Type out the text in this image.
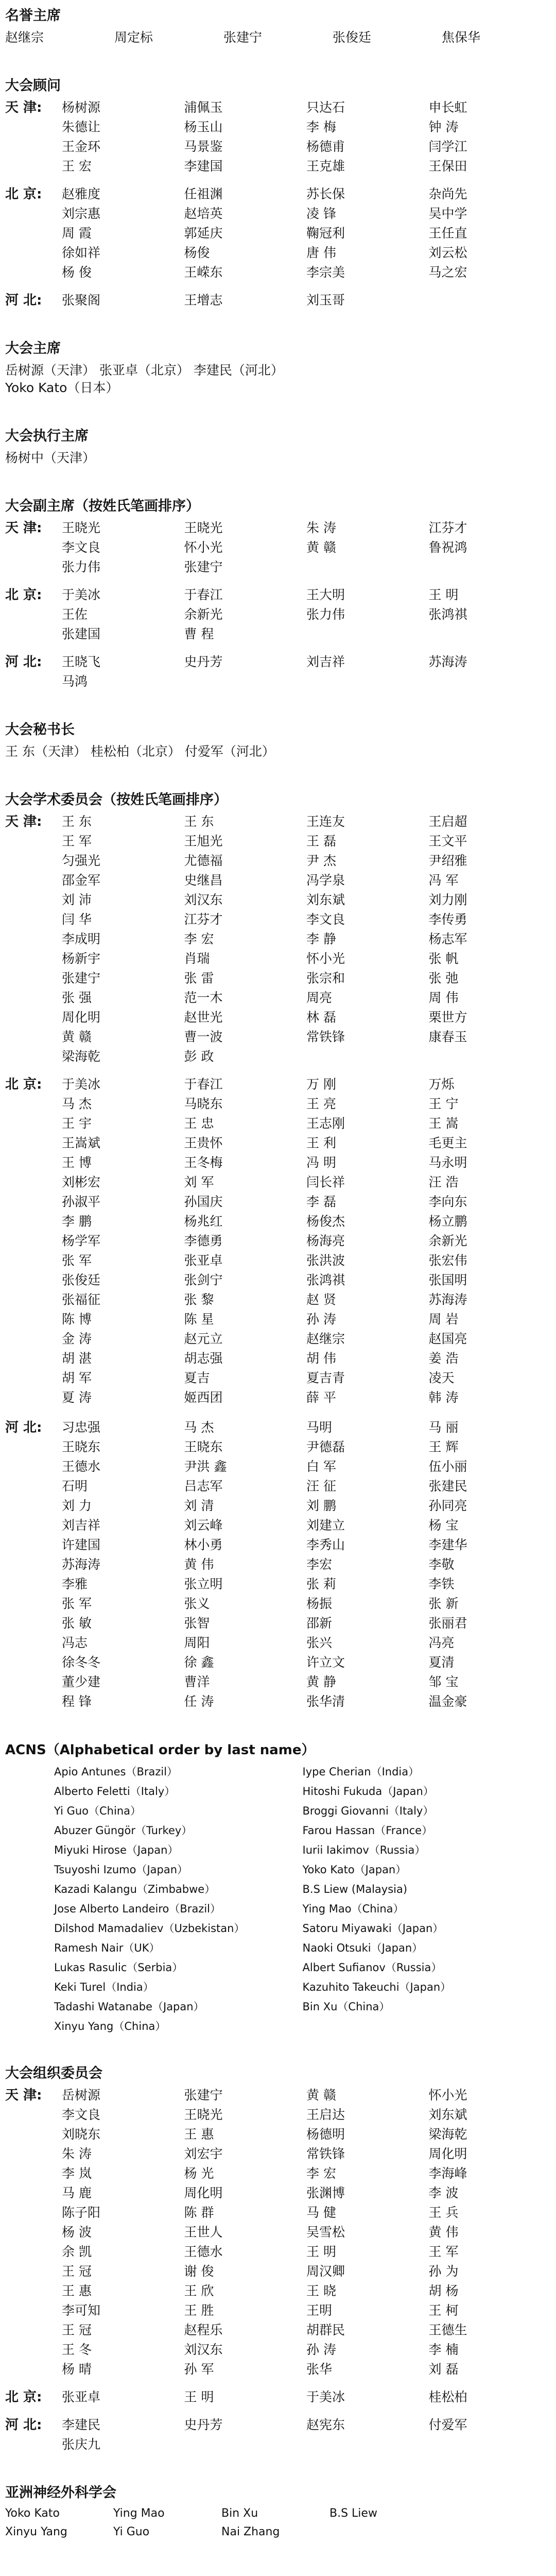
名誉主席
赵继宗	周定标	张建宁	张俊廷	焦保华
大会顾问
天 津:	杨树源	浦佩玉	只达石	申长虹
朱德让	杨玉山	李 梅	钟 涛
王金环	马景鉴	杨德甫	闫学江
王 宏	李建国	王克雄	王保田
北 京:	赵雅度	任祖渊	苏长保	杂尚先
刘宗惠	赵培英	凌 锋	吴中学
周 霞	郭延庆	鞠冠利	王任直
徐如祥	杨俊	唐 伟	刘云松
杨 俊	王嵘东	李宗美	马之宏
河 北:	张聚阁	王增志	刘玉哥
大会主席
岳树源（天津） 张亚卓（北京） 李建民（河北）
Yoko Kato（日本）
大会执行主席
杨树中（天津）
大会副主席（按姓氏笔画排序）
天 津:	王晓光	王晓光	朱 涛	江芬才
李文良	怀小光	黄 赣	鲁祝鸿
张力伟	张建宁
北 京:	于美冰	于春江	王大明	王 明
王佐	余新光	张力伟	张鸿祺
张建国	曹 程
河 北:	王晓飞	史丹芳	刘吉祥	苏海涛
马鸿
大会秘书长
王 东（天津） 桂松柏（北京） 付爱军（河北）
大会学术委员会（按姓氏笔画排序）
天 津:	王 东	王 东	王连友	王启超
王 军	王旭光	王 磊	王文平
匀强光	尤德福	尹 杰	尹绍雅
邵金军	史继昌	冯学泉	冯 军
刘 沛	刘汉东	刘东斌	刘力刚
闫 华	江芬才	李文良	李传勇
李成明	李 宏	李 静	杨志军
杨新宇	肖瑞	怀小光	张 帆
张建宁	张 雷	张宗和	张 弛
张 强	范一木	周亮	周 伟
周化明	赵世光	林 磊	栗世方
黄 赣	曹一波	常铁锋	康春玉
梁海乾	彭 政
北 京:	于美冰	于春江	万 刚	万烁
马 杰	马晓东	王 亮	王 宁
王 宇	王 忠	王志刚	王 嵩
王嵩斌	王贵怀	王 利	毛更主
王 博	王冬梅	冯 明	马永明
刘彬宏	刘 军	闫长祥	汪 浩
孙淑平	孙国庆	李 磊	李向东
李 鹏	杨兆红	杨俊杰	杨立鹏
杨学军	李德勇	杨海亮	余新光
张 军	张亚卓	张洪波	张宏伟
张俊廷	张剑宁	张鸿祺	张国明
张福征	张 黎	赵 贤	苏海涛
陈 博	陈 星	孙 涛	周 岩
金 涛	赵元立	赵继宗	赵国亮
胡 湛	胡志强	胡 伟	姜 浩
胡 军	夏吉	夏吉青	凌天
夏 涛	姬西团	薛 平	韩 涛
河 北:	习忠强	马 杰	马明	马 丽
王晓东	王晓东	尹德磊	王 辉
王德水	尹洪 鑫	白 军	伍小丽
石明	吕志军	汪 征	张建民
刘 力	刘 清	刘 鹏	孙同亮
刘吉祥	刘云峰	刘建立	杨 宝
许建国	林小勇	李秀山	李建华
苏海涛	黄 伟	李宏	李敬
李雅	张立明	张 莉	李铁
张 军	张义	杨振	张 新
张 敏	张智	邵新	张丽君
冯志	周阳	张兴	冯亮
徐冬冬	徐 鑫	许立文	夏清
董少建	曹洋	黄 静	邹 宝
程 锋	任 涛	张华清	温金豪
ACNS（Alphabetical order by last name）
Apio Antunes（Brazil）	Iype Cherian（India）
Alberto Feletti（Italy）	Hitoshi Fukuda（Japan）
Yi Guo（China）	Broggi Giovanni（Italy）
Abuzer Güngör（Turkey）	Farou Hassan（France）
Miyuki Hirose（Japan）	Iurii Iakimov（Russia）
Tsuyoshi Izumo（Japan）	Yoko Kato（Japan）
Kazadi Kalangu（Zimbabwe）	B.S Liew (Malaysia)
Jose Alberto Landeiro（Brazil）	Ying Mao（China）
Dilshod Mamadaliev（Uzbekistan）	Satoru Miyawaki（Japan）
Ramesh Nair（UK）	Naoki Otsuki（Japan）
Lukas Rasulic（Serbia）	Albert Sufianov（Russia）
Keki Turel（India）	Kazuhito Takeuchi（Japan）
Tadashi Watanabe（Japan）	Bin Xu（China）
Xinyu Yang（China）
大会组织委员会
天 津:	岳树源	张建宁	黄 赣	怀小光
李文良	王晓光	王启达	刘东斌
刘晓东	王 惠	杨德明	梁海乾
朱 涛	刘宏宇	常铁锋	周化明
李 岚	杨 光	李 宏	李海峰
马 鹿	周化明	张渊博	李 波
陈子阳	陈 群	马 健	王 兵
杨 波	王世人	吴雪松	黄 伟
余 凯	王德水	王 明	王 军
王 冠	谢 俊	周汉卿	孙 为
王 惠	王 欣	王 晓	胡 杨
李可知	王 胜	王明	王 柯
王 冠	赵程乐	胡群民	王德生
王 冬	刘汉东	孙 涛	李 楠
杨 晴	孙 军	张华	刘 磊
北 京:	张亚卓	王 明	于美冰	桂松柏
河 北:	李建民	史丹芳	赵宪东	付爱军
张庆九
亚洲神经外科学会
Yoko Kato	Ying Mao	Bin Xu	B.S Liew
Xinyu Yang	Yi Guo	Nai Zhang
